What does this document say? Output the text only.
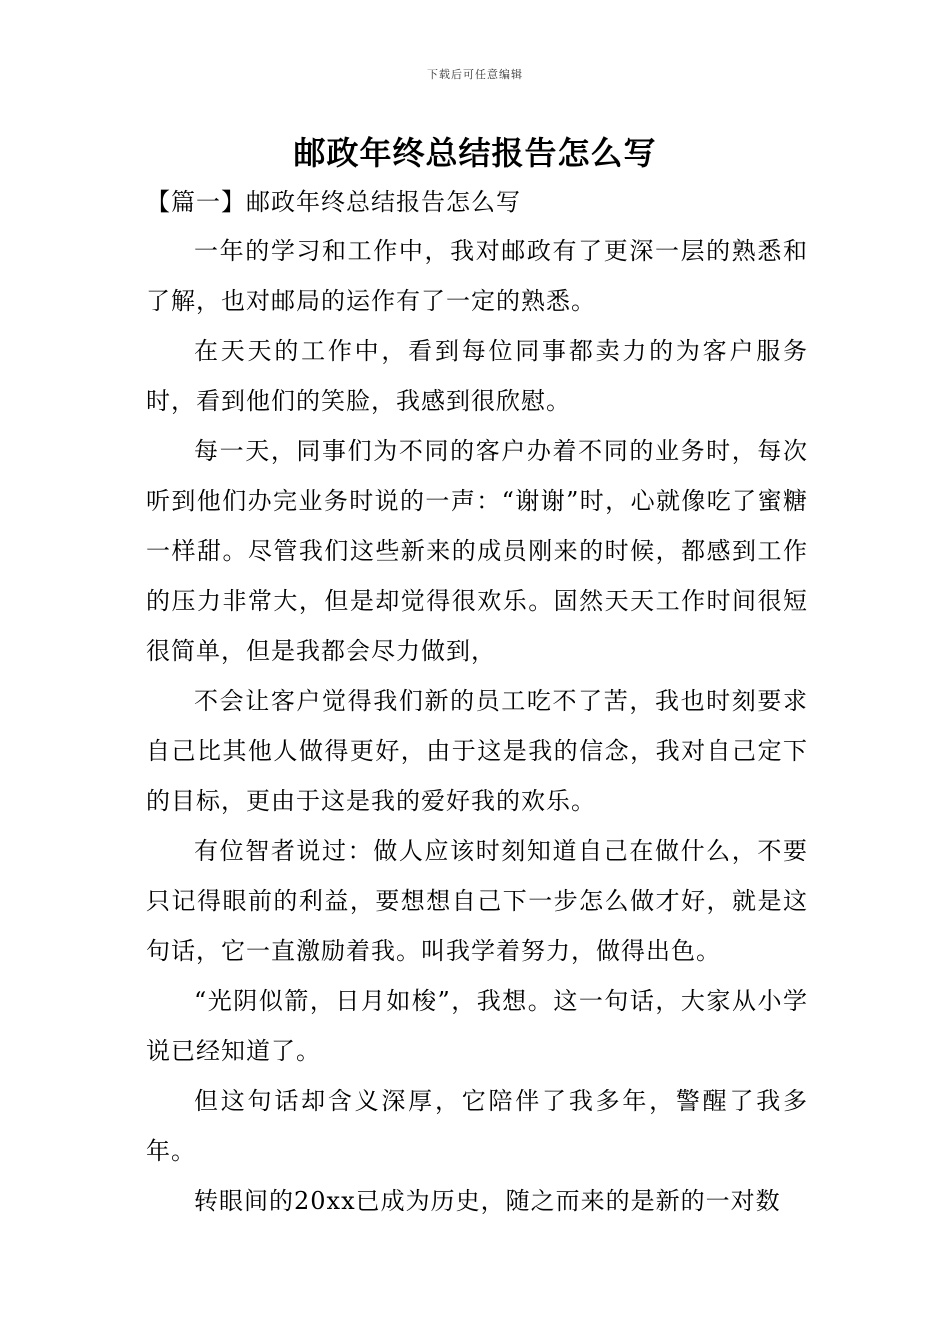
下载后可任意编辑
邮政年终总结报告怎么写
【篇一】邮政年终总结报告怎么写

一年的学习和工作中，我对邮政有了更深一层的熟悉和了解，也对邮局的运作有了一定的熟悉。

在天天的工作中，看到每位同事都卖力的为客户服务时，看到他们的笑脸，我感到很欣慰。

每一天，同事们为不同的客户办着不同的业务时，每次听到他们办完业务时说的一声：“谢谢”时，心就像吃了蜜糖一样甜。尽管我们这些新来的成员刚来的时候，都感到工作的压力非常大，但是却觉得很欢乐。固然天天工作时间很短很简单，但是我都会尽力做到，

不会让客户觉得我们新的员工吃不了苦，我也时刻要求自己比其他人做得更好，由于这是我的信念，我对自己定下的目标，更由于这是我的爱好我的欢乐。

有位智者说过：做人应该时刻知道自己在做什么，不要只记得眼前的利益，要想想自己下一步怎么做才好，就是这句话，它一直激励着我。叫我学着努力，做得出色。

“光阴似箭，日月如梭”，我想。这一句话，大家从小学说已经知道了。

但这句话却含义深厚，它陪伴了我多年，警醒了我多年。

转眼间的20xx已成为历史，随之而来的是新的一对数
